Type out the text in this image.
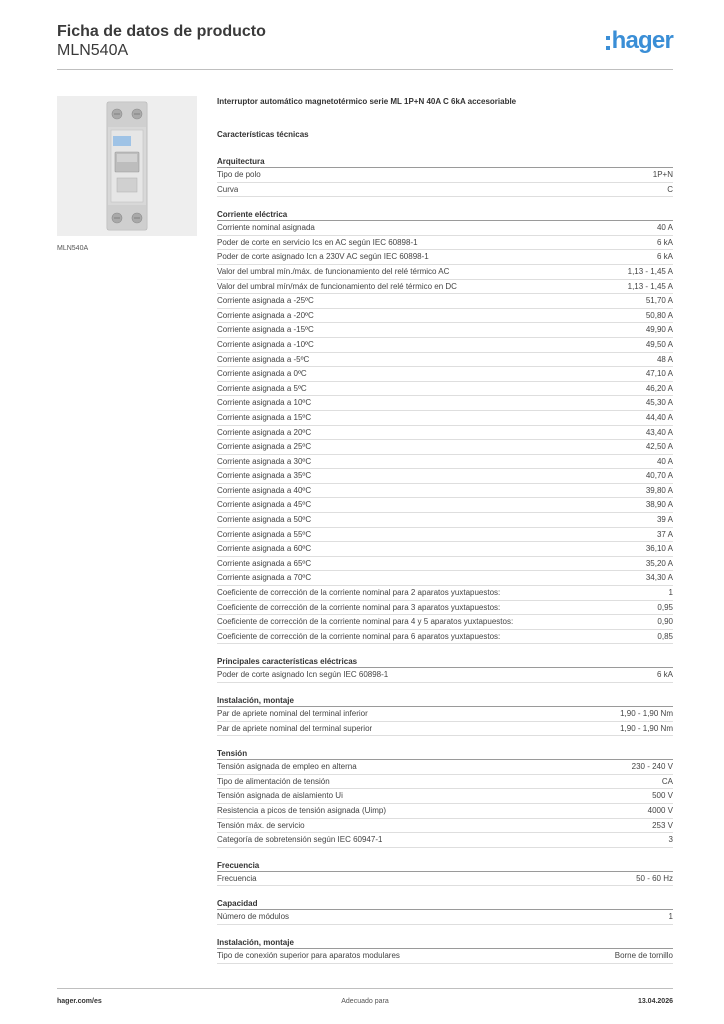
Ficha de datos de producto
MLN540A	hager
MLN540A
Interruptor automático magnetotérmico serie ML 1P+N 40A C 6kA accesoriable
Características técnicas
Arquitectura
Tipo de polo	1P+N
Curva	C
Corriente eléctrica
Corriente nominal asignada	40 A
Poder de corte en servicio Ics en AC según IEC 60898-1	6 kA
Poder de corte asignado Icn a 230V AC según IEC 60898-1	6 kA
Valor del umbral mín./máx. de funcionamiento del relé térmico AC	1,13 - 1,45 A
Valor del umbral mín/máx de funcionamiento del relé térmico en DC	1,13 - 1,45 A
Corriente asignada a -25ºC	51,70 A
Corriente asignada a -20ºC	50,80 A
Corriente asignada a -15ºC	49,90 A
Corriente asignada a -10ºC	49,50 A
Corriente asignada a -5ºC	48 A
Corriente asignada a 0ºC	47,10 A
Corriente asignada a 5ºC	46,20 A
Corriente asignada a 10ºC	45,30 A
Corriente asignada a 15ºC	44,40 A
Corriente asignada a 20ºC	43,40 A
Corriente asignada a 25ºC	42,50 A
Corriente asignada a 30ºC	40 A
Corriente asignada a 35ºC	40,70 A
Corriente asignada a 40ºC	39,80 A
Corriente asignada a 45ºC	38,90 A
Corriente asignada a 50ºC	39 A
Corriente asignada a 55ºC	37 A
Corriente asignada a 60ºC	36,10 A
Corriente asignada a 65ºC	35,20 A
Corriente asignada a 70ºC	34,30 A
Coeficiente de corrección de la corriente nominal para 2 aparatos yuxtapuestos:	1
Coeficiente de corrección de la corriente nominal para 3 aparatos yuxtapuestos:	0,95
Coeficiente de corrección de la corriente nominal para 4 y 5 aparatos yuxtapuestos:	0,90
Coeficiente de corrección de la corriente nominal para 6 aparatos yuxtapuestos:	0,85
Principales características eléctricas
Poder de corte asignado Icn según IEC 60898-1	6 kA
Instalación, montaje
Par de apriete nominal del terminal inferior	1,90 - 1,90 Nm
Par de apriete nominal del terminal superior	1,90 - 1,90 Nm
Tensión
Tensión asignada de empleo en alterna	230 - 240 V
Tipo de alimentación de tensión	CA
Tensión asignada de aislamiento Ui	500 V
Resistencia a picos de tensión asignada (Uimp)	4000 V
Tensión máx. de servicio	253 V
Categoría de sobretensión según IEC 60947-1	3
Frecuencia
Frecuencia	50 - 60 Hz
Capacidad
Número de módulos	1
Instalación, montaje
Tipo de conexión superior para aparatos modulares	Borne de tornillo
hager.com/es	Adecuado para	13.04.2026
